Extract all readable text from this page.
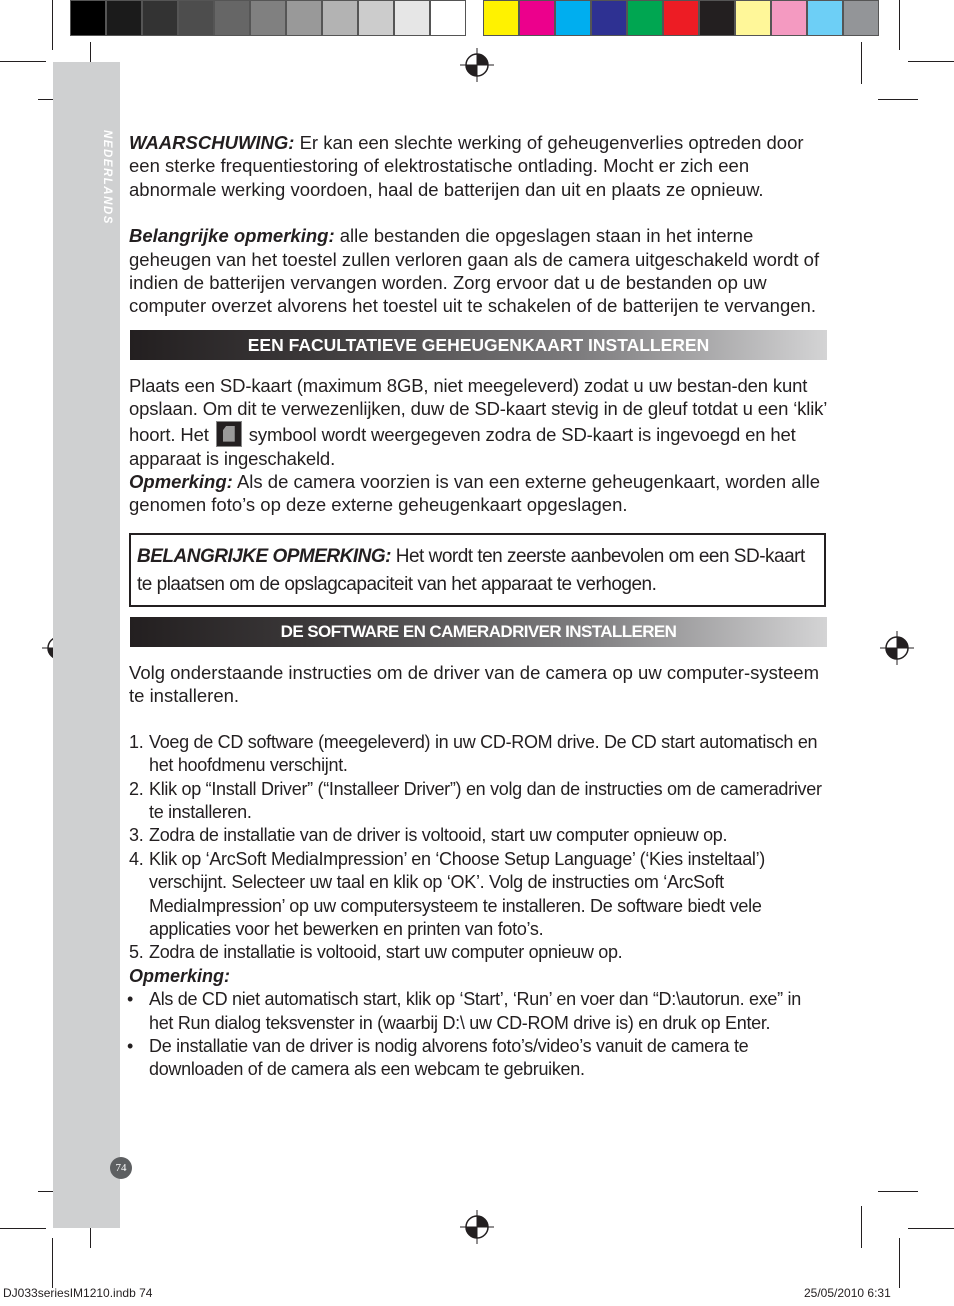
NEDERLANDS
74

WAARSCHUWING: Er kan een slechte werking of geheugenverlies optreden door een sterke frequentiestoring of elektrostatische ontlading. Mocht er zich een abnormale werking voordoen, haal de batterijen dan uit en plaats ze opnieuw.

Belangrijke opmerking: alle bestanden die opgeslagen staan in het interne geheugen van het toestel zullen verloren gaan als de camera uitgeschakeld wordt of indien de batterijen vervangen worden. Zorg ervoor dat u de bestanden op uw computer overzet alvorens het toestel uit te schakelen of de batterijen te vervangen.

EEN FACULTATIEVE GEHEUGENKAART INSTALLEREN

Plaats een SD-kaart (maximum 8GB, niet meegeleverd) zodat u uw bestan-den kunt opslaan. Om dit te verwezenlijken, duw de SD-kaart stevig in de gleuf totdat u een ‘klik’ hoort. Het symbool wordt weergegeven zodra de SD-kaart is ingevoegd en het apparaat is ingeschakeld.

Opmerking: Als de camera voorzien is van een externe geheugenkaart, worden alle genomen foto’s op deze externe geheugenkaart opgeslagen.

BELANGRIJKE OPMERKING: Het wordt ten zeerste aanbevolen om een SD-kaart te plaatsen om de opslagcapaciteit van het apparaat te verhogen.
DE SOFTWARE EN CAMERADRIVER INSTALLEREN

Volg onderstaande instructies om de driver van de camera op uw computer-systeem te installeren.

1. Voeg de CD software (meegeleverd) in uw CD-ROM drive. De CD start automatisch en het hoofdmenu verschijnt.
2. Klik op “Install Driver” (“Installeer Driver”) en volg dan de instructies om de cameradriver te installeren.
3. Zodra de installatie van de driver is voltooid, start uw computer opnieuw op.
4. Klik op ‘ArcSoft MediaImpression’ en ‘Choose Setup Language’ (‘Kies insteltaal’) verschijnt. Selecteer uw taal en klik op ‘OK’. Volg de instructies om ‘ArcSoft MediaImpression’ op uw computersysteem te installeren. De software biedt vele applicaties voor het bewerken en printen van foto’s.
5. Zodra de installatie is voltooid, start uw computer opnieuw op.

Opmerking:

• Als de CD niet automatisch start, klik op ‘Start’, ‘Run’ en voer dan “D:\autorun. exe” in het Run dialog teksvenster in (waarbij D:\ uw CD-ROM drive is) en druk op Enter.
• De installatie van de driver is nodig alvorens foto’s/video’s vanuit de camera te downloaden of de camera als een webcam te gebruiken.
DJ033seriesIM1210.indb 74	25/05/2010 6:31
